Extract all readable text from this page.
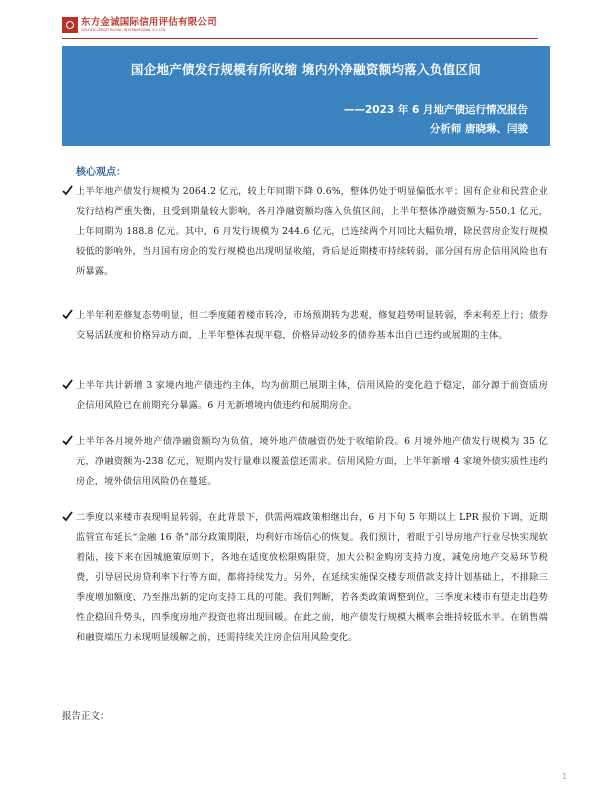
东方金诚国际信用评估有限公司
GOLDEN CREDIT RATING INTERNATIONAL CO.,LTD.
国企地产债发行规模有所收缩 境内外净融资额均落入负值区间
——2023 年 6 月地产债运行情况报告
分析师 唐晓琳、闫骏
核心观点：

上半年地产债发行规模为 2064.2 亿元，较上年同期下降 0.6%，整体仍处于明显偏低水平；国有企业和民营企业发行结构严重失衡，且受到期量较大影响，各月净融资额均落入负值区间，上半年整体净融资额为-550.1 亿元，上年同期为 188.8 亿元。其中，6 月发行规模为 244.6 亿元，已连续两个月同比大幅负增，除民营房企发行规模较低的影响外，当月国有房企的发行规模也出现明显收缩，背后是近期楼市持续转弱，部分国有房企信用风险也有所暴露。

上半年利差修复态势明显，但二季度随着楼市转冷，市场预期转为悲观，修复趋势明显转弱，季末利差上行；债券交易活跃度和价格异动方面，上半年整体表现平稳，价格异动较多的债券基本出自已违约或展期的主体。

上半年共计新增 3 家境内地产债违约主体，均为前期已展期主体，信用风险的变化趋于稳定，部分源于前资质房企信用风险已在前期充分暴露。6 月无新增境内债违约和展期房企。

上半年各月境外地产债净融资额均为负值，境外地产债融资仍处于收缩阶段。6 月境外地产债发行规模为 35 亿元，净融资额为-238 亿元，短期内发行量难以覆盖偿还需求。信用风险方面，上半年新增 4 家境外债实质性违约房企，境外债信用风险仍在蔓延。

二季度以来楼市表现明显转弱，在此背景下，供需两端政策相继出台，6 月下旬 5 年期以上 LPR 报价下调，近期监管宣布延长“金融 16 条”部分政策期限，均利好市场信心的恢复。我们预计，着眼于引导房地产行业尽快实现软着陆，接下来在因城施策原则下，各地在适度放松限购限贷，加大公积金购房支持力度，减免房地产交易环节税费，引导居民房贷利率下行等方面，都将持续发力。另外，在延续实施保交楼专项借款支持计划基础上，不排除三季度增加额度、乃至推出新的定向支持工具的可能。我们判断，若各类政策调整到位，三季度末楼市有望走出趋势性企稳回升势头，四季度房地产投资也将出现回暖。在此之前，地产债发行规模大概率会维持较低水平。在销售端和融资端压力未现明显缓解之前，还需持续关注房企信用风险变化。

报告正文：
1
